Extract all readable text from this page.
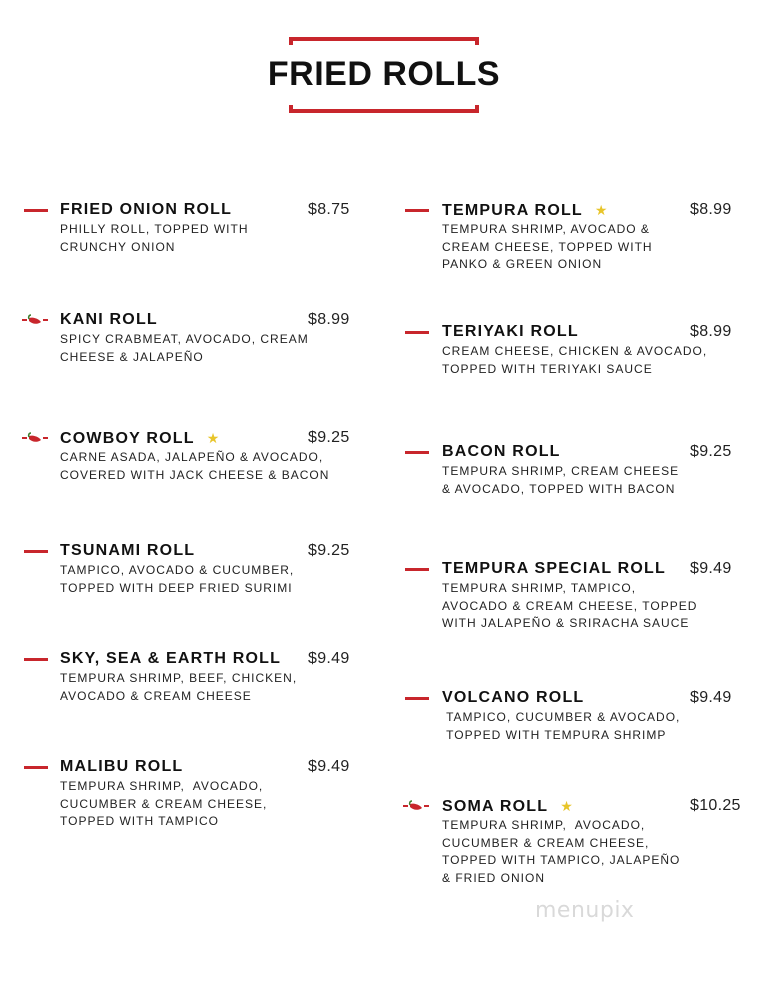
FRIED ROLLS
FRIED ONION ROLL	$8.75
PHILLY ROLL, TOPPED WITH
CRUNCHY ONION
KANI ROLL	$8.99
SPICY CRABMEAT, AVOCADO, CREAM
CHEESE & JALAPEÑO
COWBOY ROLL ★	$9.25
CARNE ASADA, JALAPEÑO & AVOCADO,
COVERED WITH JACK CHEESE & BACON
TSUNAMI ROLL	$9.25
TAMPICO, AVOCADO & CUCUMBER,
TOPPED WITH DEEP FRIED SURIMI
SKY, SEA & EARTH ROLL $9.49
TEMPURA SHRIMP, BEEF, CHICKEN,
AVOCADO & CREAM CHEESE
MALIBU ROLL	$9.49
TEMPURA SHRIMP,  AVOCADO,
CUCUMBER & CREAM CHEESE,
TOPPED WITH TAMPICO
TEMPURA ROLL ★	$8.99
TEMPURA SHRIMP, AVOCADO &
CREAM CHEESE, TOPPED WITH
PANKO & GREEN ONION
TERIYAKI ROLL	$8.99
CREAM CHEESE, CHICKEN & AVOCADO,
TOPPED WITH TERIYAKI SAUCE
BACON ROLL	$9.25
TEMPURA SHRIMP, CREAM CHEESE
& AVOCADO, TOPPED WITH BACON
TEMPURA SPECIAL ROLL $9.49
TEMPURA SHRIMP, TAMPICO,
AVOCADO & CREAM CHEESE, TOPPED
WITH JALAPEÑO & SRIRACHA SAUCE
VOLCANO ROLL	$9.49
TAMPICO, CUCUMBER & AVOCADO,
TOPPED WITH TEMPURA SHRIMP
SOMA ROLL ★	$10.25
TEMPURA SHRIMP,  AVOCADO,
CUCUMBER & CREAM CHEESE,
TOPPED WITH TAMPICO, JALAPEÑO
& FRIED ONION
menupix
